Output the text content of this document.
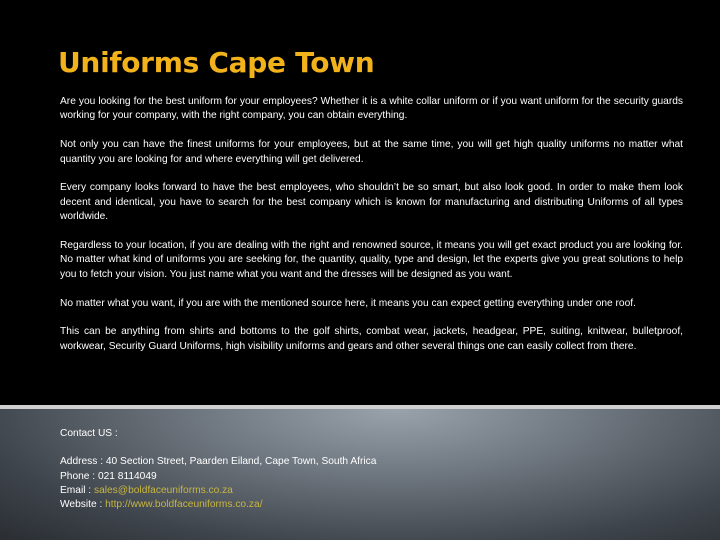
Uniforms Cape Town

Are you looking for the best uniform for your employees? Whether it is a white collar uniform or if you want uniform for the security guards working for your company, with the right company, you can obtain everything.

Not only you can have the finest uniforms for your employees, but at the same time, you will get high quality uniforms no matter what quantity you are looking for and where everything will get delivered.

Every company looks forward to have the best employees, who shouldn’t be so smart, but also look good. In order to make them look decent and identical, you have to search for the best company which is known for manufacturing and distributing Uniforms of all types worldwide.

Regardless to your location, if you are dealing with the right and renowned source, it means you will get exact product you are looking for. No matter what kind of uniforms you are seeking for, the quantity, quality, type and design, let the experts give you great solutions to help you to fetch your vision. You just name what you want and the dresses will be designed as you want.

No matter what you want, if you are with the mentioned source here, it means you can expect getting everything under one roof.

This can be anything from shirts and bottoms to the golf shirts, combat wear, jackets, headgear, PPE, suiting, knitwear, bulletproof, workwear, Security Guard Uniforms, high visibility uniforms and gears and other several things one can easily collect from there.

Contact US :
Address : 40 Section Street, Paarden Eiland, Cape Town, South Africa
Phone : 021 8114049
Email : sales@boldfaceuniforms.co.za
Website : http://www.boldfaceuniforms.co.za/
